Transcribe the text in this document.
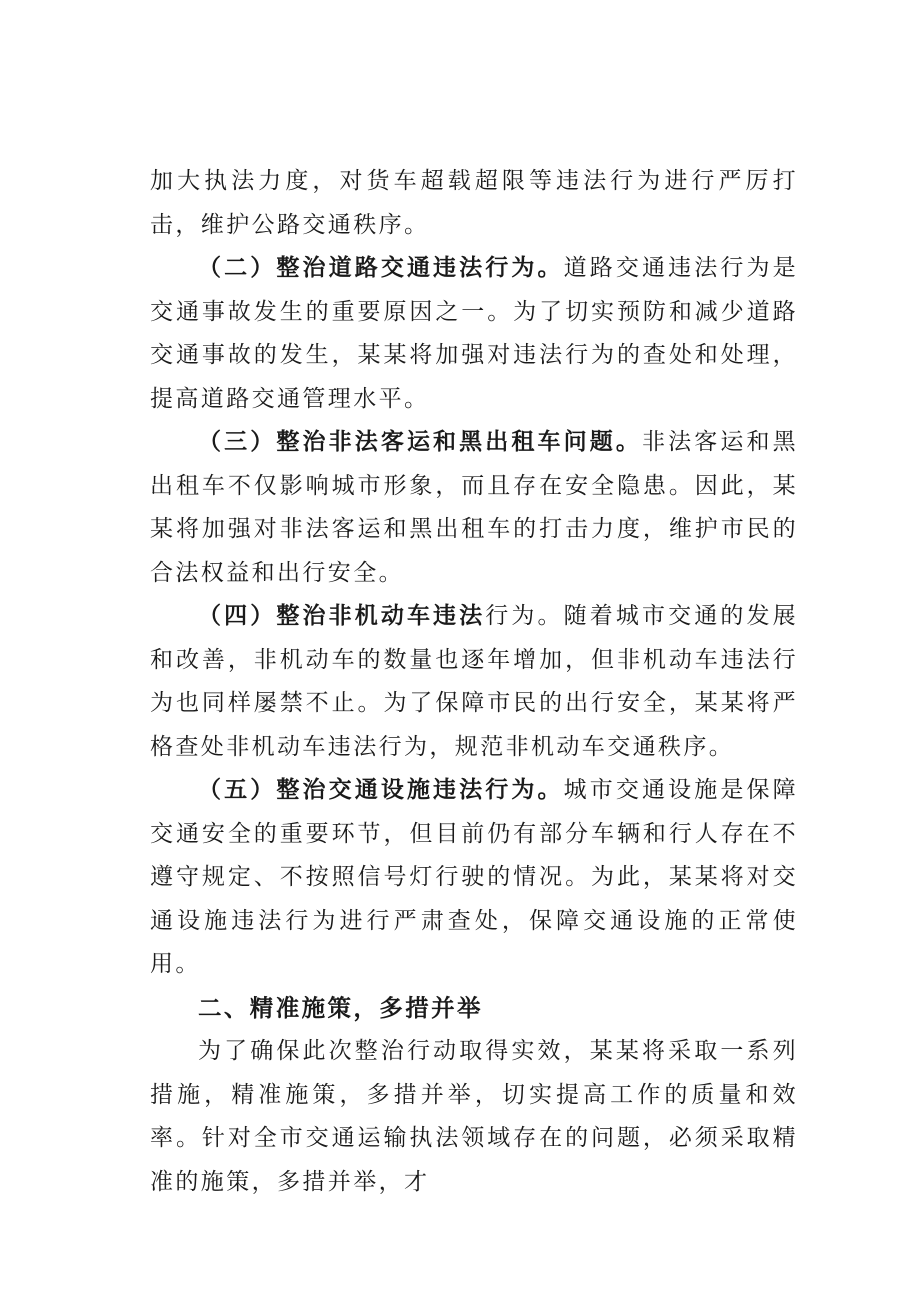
加大执法力度，对货车超载超限等违法行为进行严厉打击，维护公路交通秩序。

（二）整治道路交通违法行为。道路交通违法行为是交通事故发生的重要原因之一。为了切实预防和减少道路交通事故的发生，某某将加强对违法行为的查处和处理，提高道路交通管理水平。

（三）整治非法客运和黑出租车问题。非法客运和黑出租车不仅影响城市形象，而且存在安全隐患。因此，某某将加强对非法客运和黑出租车的打击力度，维护市民的合法权益和出行安全。

（四）整治非机动车违法行为。随着城市交通的发展和改善，非机动车的数量也逐年增加，但非机动车违法行为也同样屡禁不止。为了保障市民的出行安全，某某将严格查处非机动车违法行为，规范非机动车交通秩序。

（五）整治交通设施违法行为。城市交通设施是保障交通安全的重要环节，但目前仍有部分车辆和行人存在不遵守规定、不按照信号灯行驶的情况。为此，某某将对交通设施违法行为进行严肃查处，保障交通设施的正常使用。

二、精准施策，多措并举

为了确保此次整治行动取得实效，某某将采取一系列措施，精准施策，多措并举，切实提高工作的质量和效率。针对全市交通运输执法领域存在的问题，必须采取精准的施策，多措并举，才
